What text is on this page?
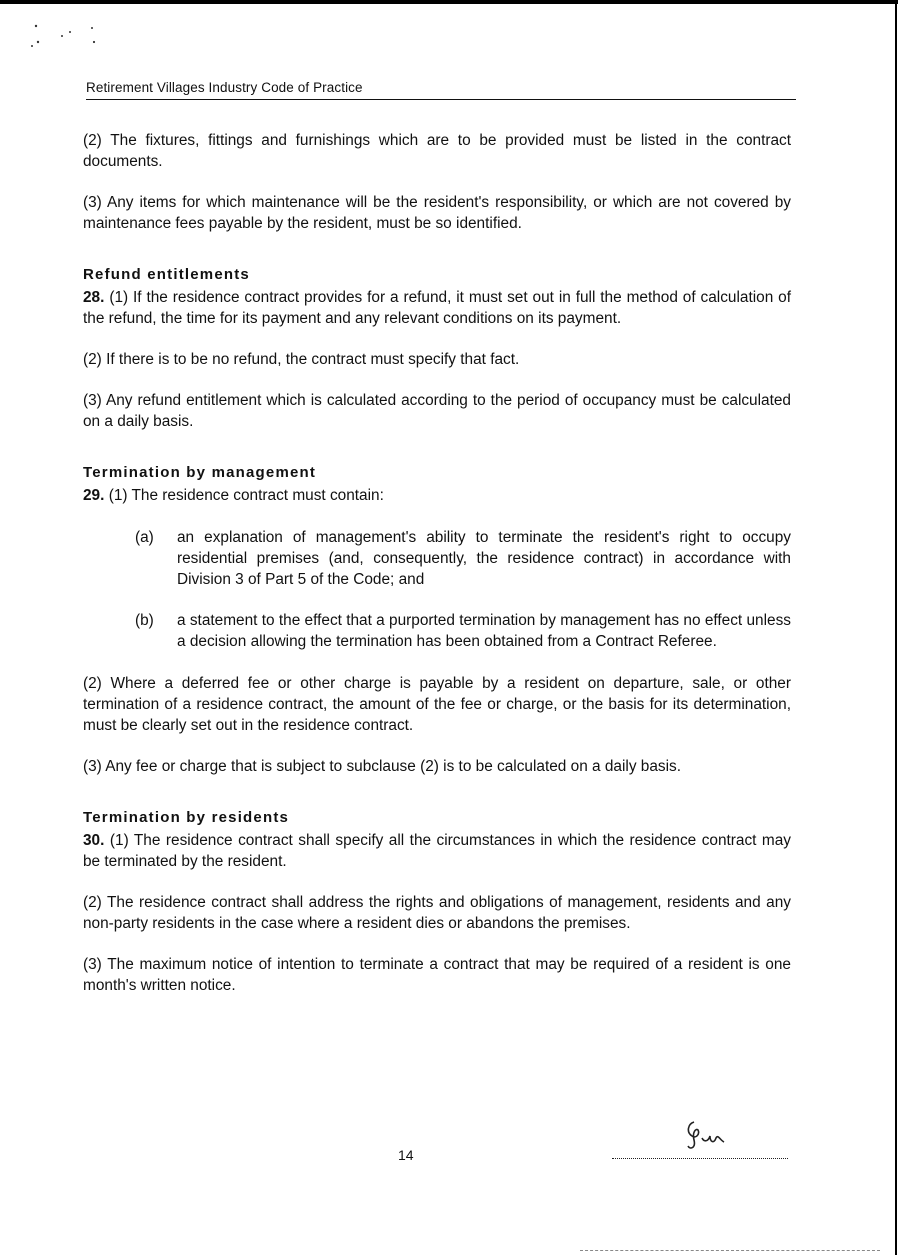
Retirement Villages Industry Code of Practice

(2) The fixtures, fittings and furnishings which are to be provided must be listed in the contract documents.

(3) Any items for which maintenance will be the resident's responsibility, or which are not covered by maintenance fees payable by the resident, must be so identified.

Refund entitlements

28. (1) If the residence contract provides for a refund, it must set out in full the method of calculation of the refund, the time for its payment and any relevant conditions on its payment.

(2) If there is to be no refund, the contract must specify that fact.

(3) Any refund entitlement which is calculated according to the period of occupancy must be calculated on a daily basis.

Termination by management

29. (1) The residence contract must contain:

(a) an explanation of management's ability to terminate the resident's right to occupy residential premises (and, consequently, the residence contract) in accordance with Division 3 of Part 5 of the Code; and
(b) a statement to the effect that a purported termination by management has no effect unless a decision allowing the termination has been obtained from a Contract Referee.

(2) Where a deferred fee or other charge is payable by a resident on departure, sale, or other termination of a residence contract, the amount of the fee or charge, or the basis for its determination, must be clearly set out in the residence contract.

(3) Any fee or charge that is subject to subclause (2) is to be calculated on a daily basis.

Termination by residents

30. (1) The residence contract shall specify all the circumstances in which the residence contract may be terminated by the resident.

(2) The residence contract shall address the rights and obligations of management, residents and any non-party residents in the case where a resident dies or abandons the premises.

(3) The maximum notice of intention to terminate a contract that may be required of a resident is one month's written notice.

14
